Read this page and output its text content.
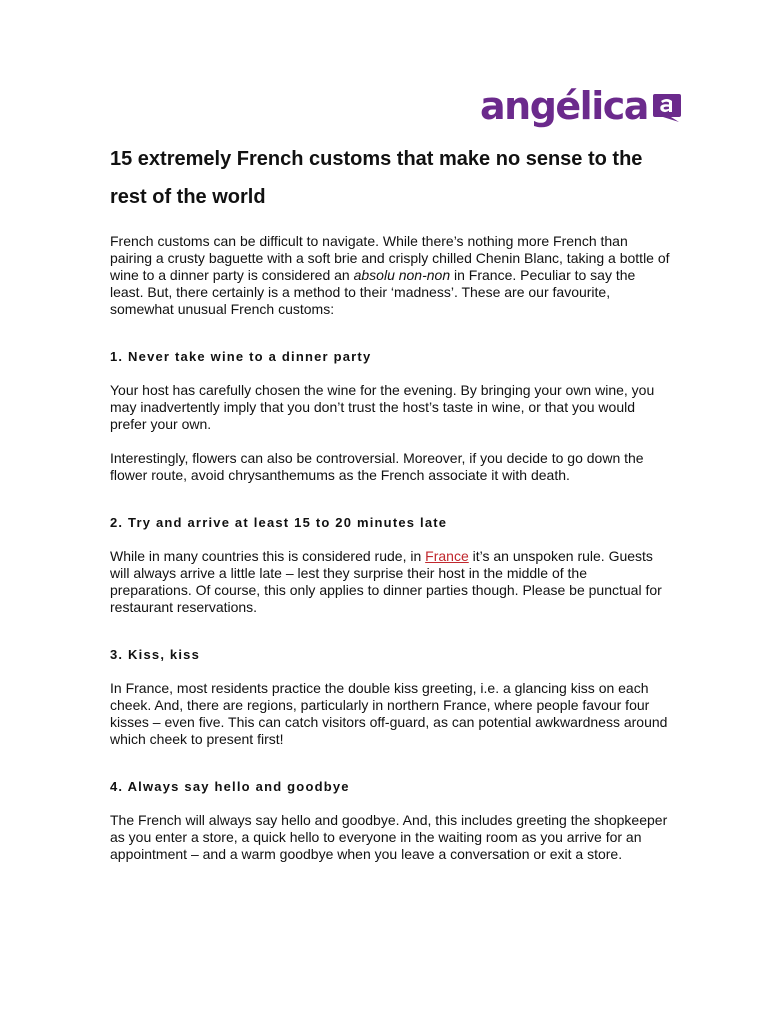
angélica
15 extremely French customs that make no sense to the rest of the world

French customs can be difficult to navigate. While there’s nothing more French than pairing a crusty baguette with a soft brie and crisply chilled Chenin Blanc, taking a bottle of wine to a dinner party is considered an absolu non-non in France. Peculiar to say the least. But, there certainly is a method to their ‘madness’. These are our favourite, somewhat unusual French customs:

1. Never take wine to a dinner party

Your host has carefully chosen the wine for the evening. By bringing your own wine, you may inadvertently imply that you don’t trust the host’s taste in wine, or that you would prefer your own.

Interestingly, flowers can also be controversial. Moreover, if you decide to go down the flower route, avoid chrysanthemums as the French associate it with death.

2. Try and arrive at least 15 to 20 minutes late

While in many countries this is considered rude, in France it’s an unspoken rule. Guests will always arrive a little late – lest they surprise their host in the middle of the preparations. Of course, this only applies to dinner parties though. Please be punctual for restaurant reservations.

3. Kiss, kiss

In France, most residents practice the double kiss greeting, i.e. a glancing kiss on each cheek. And, there are regions, particularly in northern France, where people favour four kisses – even five. This can catch visitors off-guard, as can potential awkwardness around which cheek to present first!

4. Always say hello and goodbye

The French will always say hello and goodbye. And, this includes greeting the shopkeeper as you enter a store, a quick hello to everyone in the waiting room as you arrive for an appointment – and a warm goodbye when you leave a conversation or exit a store.
